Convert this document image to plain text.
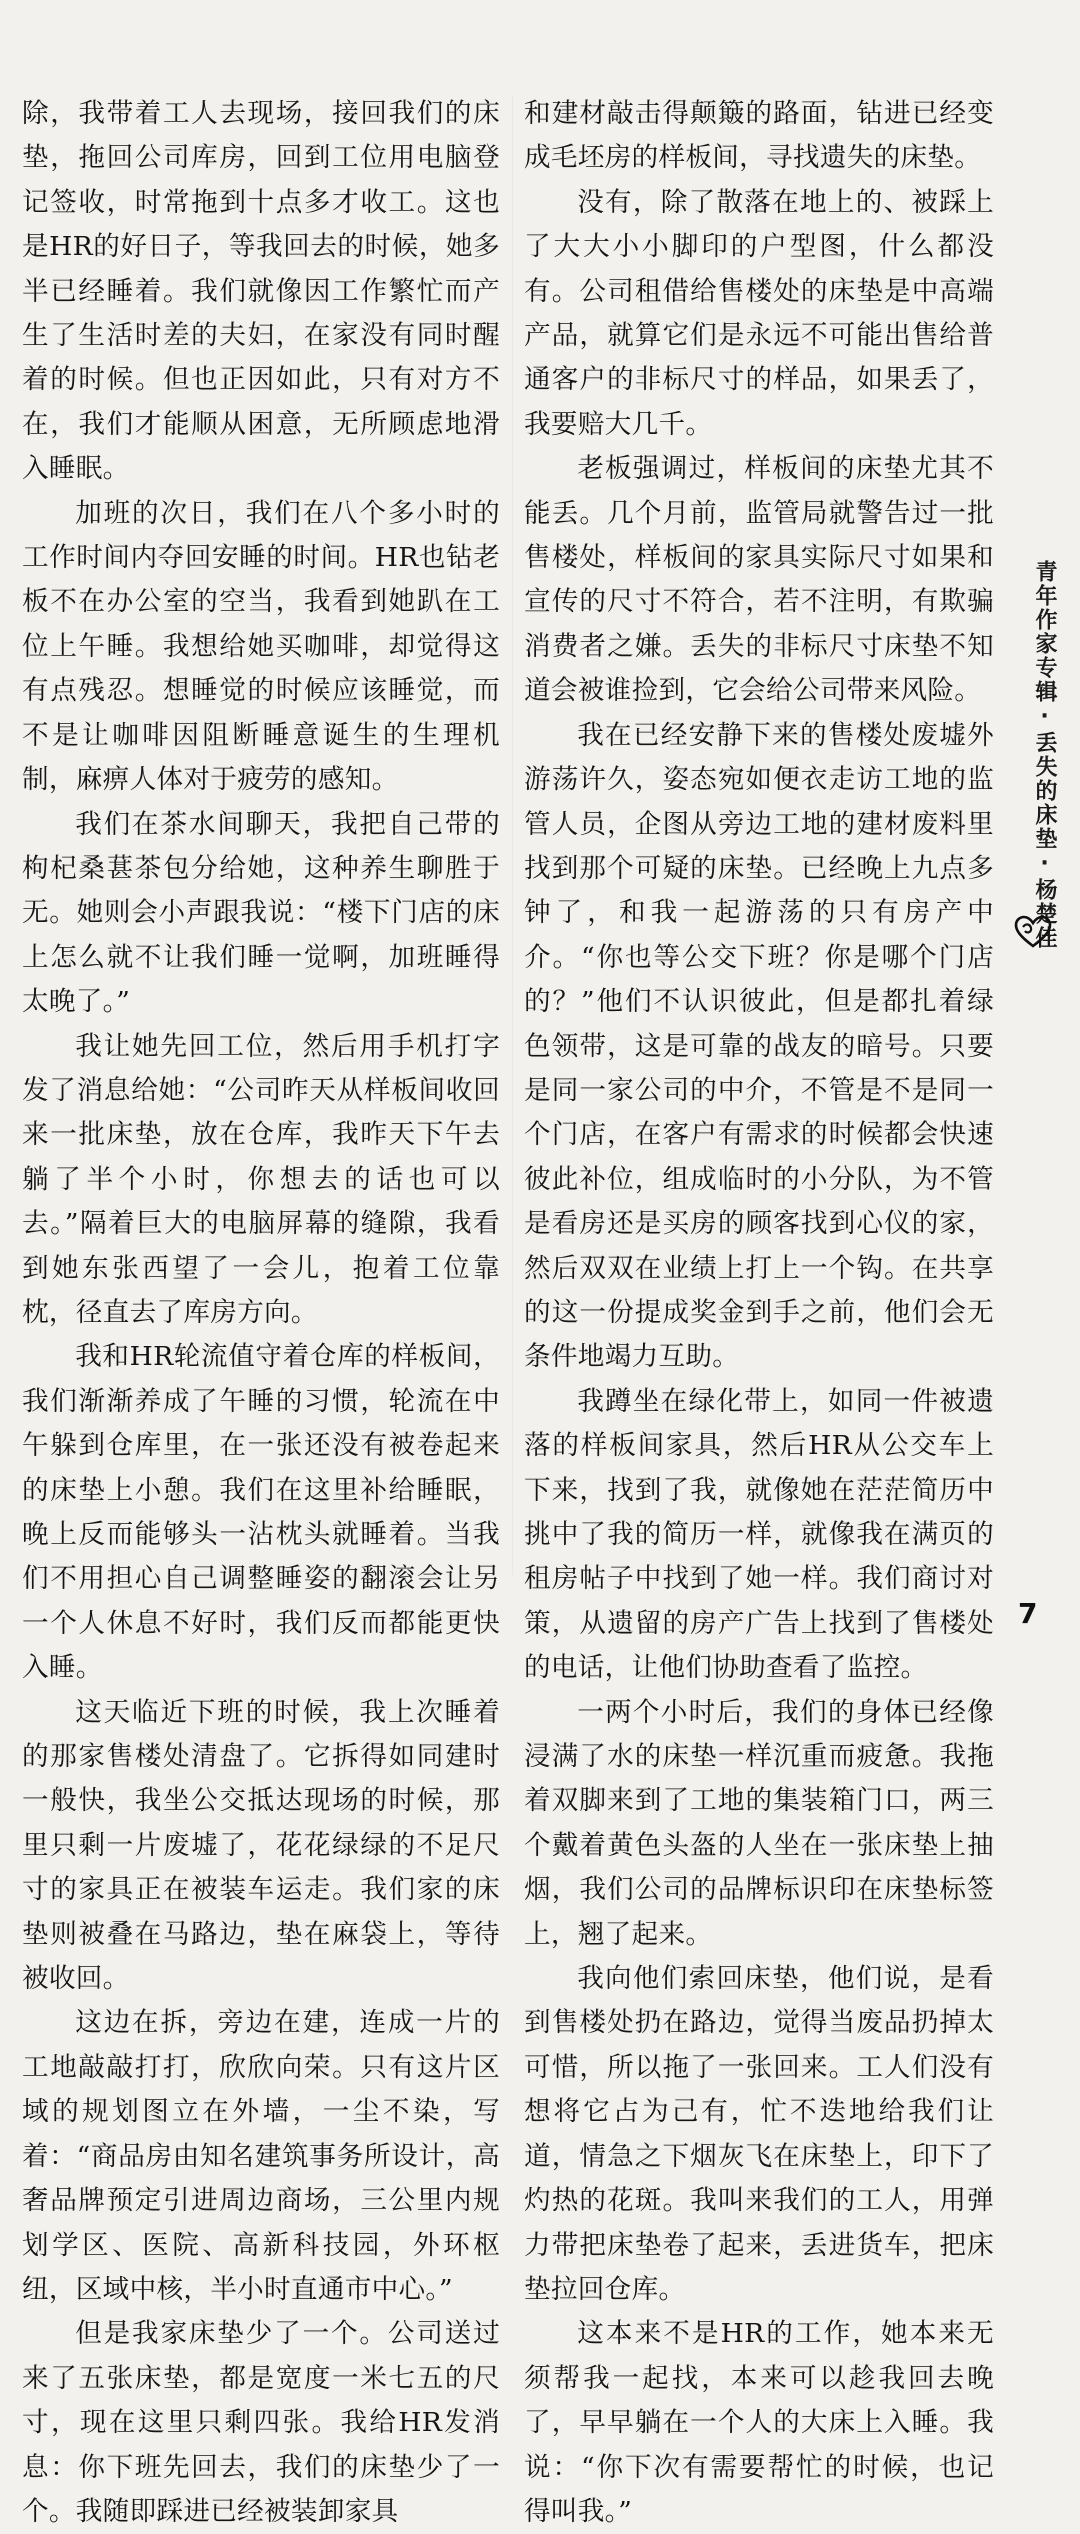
除，我带着工人去现场，接回我们的床垫，拖回公司库房，回到工位用电脑登记签收，时常拖到十点多才收工。这也是HR的好日子，等我回去的时候，她多半已经睡着。我们就像因工作繁忙而产生了生活时差的夫妇，在家没有同时醒着的时候。但也正因如此，只有对方不在，我们才能顺从困意，无所顾虑地滑入睡眠。

加班的次日，我们在八个多小时的工作时间内夺回安睡的时间。HR也钻老板不在办公室的空当，我看到她趴在工位上午睡。我想给她买咖啡，却觉得这有点残忍。想睡觉的时候应该睡觉，而不是让咖啡因阻断睡意诞生的生理机制，麻痹人体对于疲劳的感知。

我们在茶水间聊天，我把自己带的枸杞桑葚茶包分给她，这种养生聊胜于无。她则会小声跟我说：“楼下门店的床上怎么就不让我们睡一觉啊，加班睡得太晚了。”

我让她先回工位，然后用手机打字发了消息给她：“公司昨天从样板间收回来一批床垫，放在仓库，我昨天下午去躺了半个小时，你想去的话也可以去。”隔着巨大的电脑屏幕的缝隙，我看到她东张西望了一会儿，抱着工位靠枕，径直去了库房方向。

我和HR轮流值守着仓库的样板间，我们渐渐养成了午睡的习惯，轮流在中午躲到仓库里，在一张还没有被卷起来的床垫上小憩。我们在这里补给睡眠，晚上反而能够头一沾枕头就睡着。当我们不用担心自己调整睡姿的翻滚会让另一个人休息不好时，我们反而都能更快入睡。

这天临近下班的时候，我上次睡着的那家售楼处清盘了。它拆得如同建时一般快，我坐公交抵达现场的时候，那里只剩一片废墟了，花花绿绿的不足尺寸的家具正在被装车运走。我们家的床垫则被叠在马路边，垫在麻袋上，等待被收回。

这边在拆，旁边在建，连成一片的工地敲敲打打，欣欣向荣。只有这片区域的规划图立在外墙，一尘不染，写着：“商品房由知名建筑事务所设计，高奢品牌预定引进周边商场，三公里内规划学区、医院、高新科技园，外环枢纽，区域中核，半小时直通市中心。”

但是我家床垫少了一个。公司送过来了五张床垫，都是宽度一米七五的尺寸，现在这里只剩四张。我给HR发消息：你下班先回去，我们的床垫少了一个。我随即踩进已经被装卸家具

和建材敲击得颠簸的路面，钻进已经变成毛坯房的样板间，寻找遗失的床垫。

没有，除了散落在地上的、被踩上了大大小小脚印的户型图，什么都没有。公司租借给售楼处的床垫是中高端产品，就算它们是永远不可能出售给普通客户的非标尺寸的样品，如果丢了，我要赔大几千。

老板强调过，样板间的床垫尤其不能丢。几个月前，监管局就警告过一批售楼处，样板间的家具实际尺寸如果和宣传的尺寸不符合，若不注明，有欺骗消费者之嫌。丢失的非标尺寸床垫不知道会被谁捡到，它会给公司带来风险。

我在已经安静下来的售楼处废墟外游荡许久，姿态宛如便衣走访工地的监管人员，企图从旁边工地的建材废料里找到那个可疑的床垫。已经晚上九点多钟了，和我一起游荡的只有房产中介。“你也等公交下班？你是哪个门店的？”他们不认识彼此，但是都扎着绿色领带，这是可靠的战友的暗号。只要是同一家公司的中介，不管是不是同一个门店，在客户有需求的时候都会快速彼此补位，组成临时的小分队，为不管是看房还是买房的顾客找到心仪的家，然后双双在业绩上打上一个钩。在共享的这一份提成奖金到手之前，他们会无条件地竭力互助。

我蹲坐在绿化带上，如同一件被遗落的样板间家具，然后HR从公交车上下来，找到了我，就像她在茫茫简历中挑中了我的简历一样，就像我在满页的租房帖子中找到了她一样。我们商讨对策，从遗留的房产广告上找到了售楼处的电话，让他们协助查看了监控。

一两个小时后，我们的身体已经像浸满了水的床垫一样沉重而疲惫。我拖着双脚来到了工地的集装箱门口，两三个戴着黄色头盔的人坐在一张床垫上抽烟，我们公司的品牌标识印在床垫标签上，翘了起来。

我向他们索回床垫，他们说，是看到售楼处扔在路边，觉得当废品扔掉太可惜，所以拖了一张回来。工人们没有想将它占为己有，忙不迭地给我们让道，情急之下烟灰飞在床垫上，印下了灼热的花斑。我叫来我们的工人，用弹力带把床垫卷了起来，丢进货车，把床垫拉回仓库。

这本来不是HR的工作，她本来无须帮我一起找，本来可以趁我回去晚了，早早躺在一个人的大床上入睡。我说：“你下次有需要帮忙的时候，也记得叫我。”

青年作家专辑·丢失的床垫·杨楚佳
7
